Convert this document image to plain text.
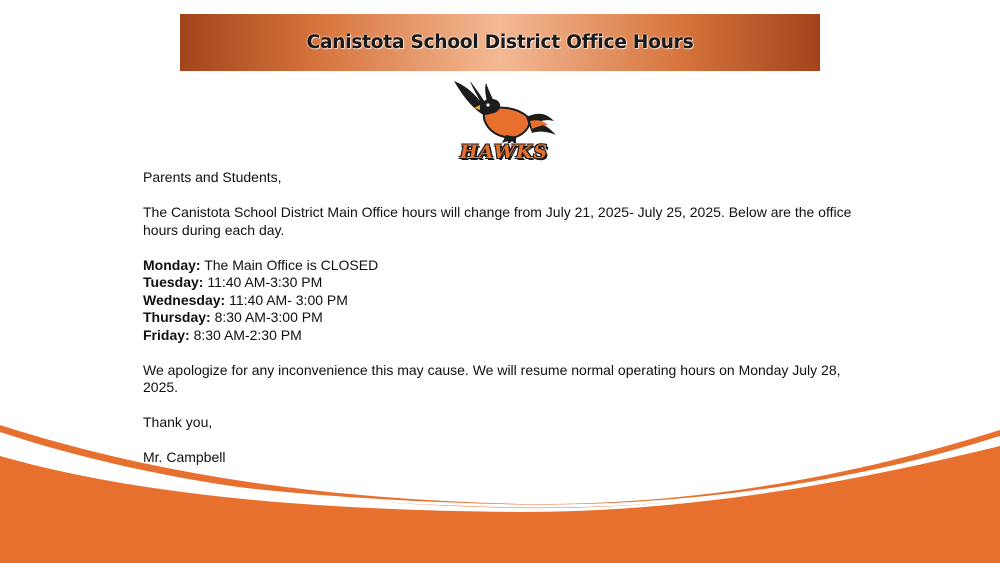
Canistota School District Office Hours
HAWKS

Parents and Students,

The Canistota School District Main Office hours will change from July 21, 2025- July 25, 2025. Below are the office hours during each day.

Monday: The Main Office is CLOSED

Tuesday: 11:40 AM-3:30 PM

Wednesday: 11:40 AM- 3:00 PM

Thursday: 8:30 AM-3:00 PM

Friday: 8:30 AM-2:30 PM

We apologize for any inconvenience this may cause. We will resume normal operating hours on Monday July 28, 2025.

Thank you,

Mr. Campbell
